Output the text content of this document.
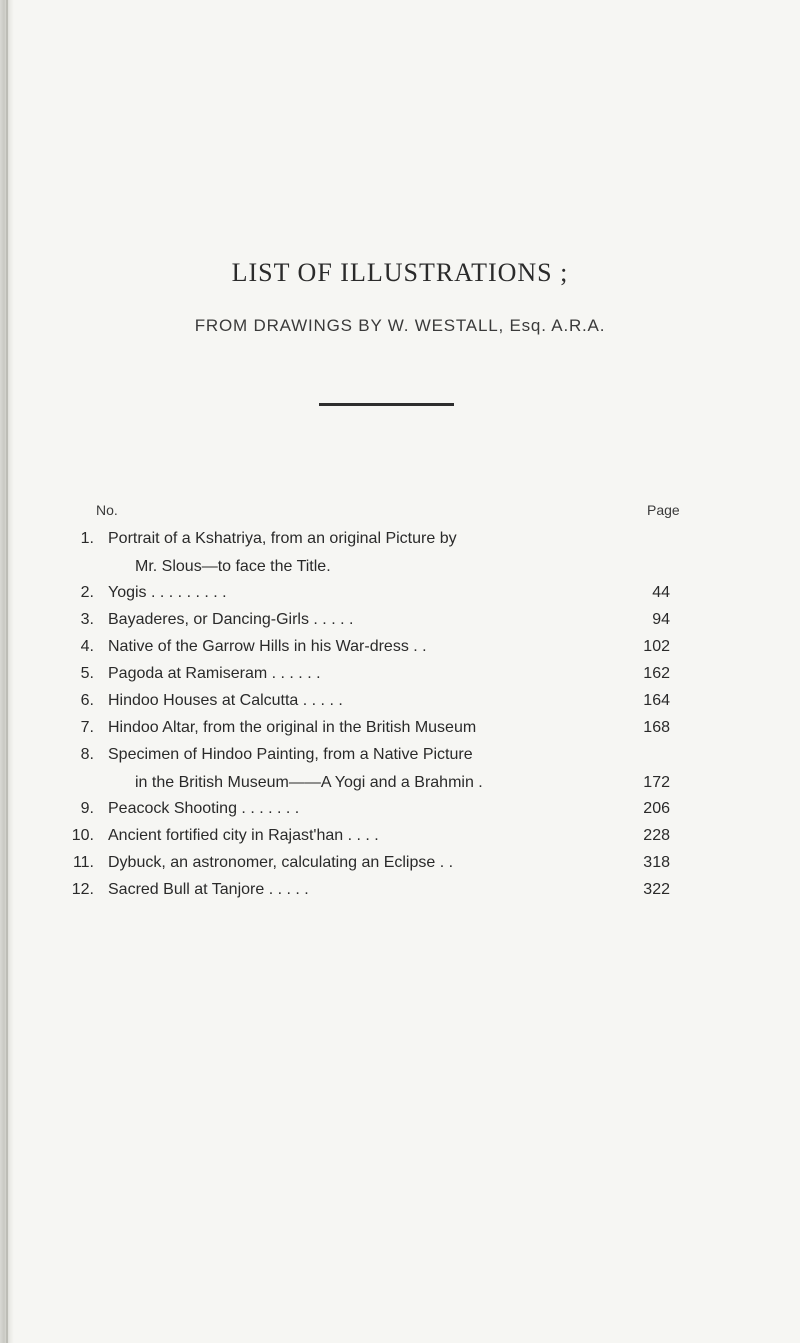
LIST OF ILLUSTRATIONS ;
FROM DRAWINGS BY W. WESTALL, Esq. A.R.A.
No.	Page
1. Portrait of a Kshatriya, from an original Picture by
Mr. Slous—to face the Title.
2. Yogis . . . . . . . . .	44
3. Bayaderes, or Dancing-Girls . . . . .	94
4. Native of the Garrow Hills in his War-dress . .	102
5. Pagoda at Ramiseram . . . . . .	162
6. Hindoo Houses at Calcutta . . . . .	164
7. Hindoo Altar, from the original in the British Museum	168
8. Specimen of Hindoo Painting, from a Native Picture
in the British Museum——A Yogi and a Brahmin .	172
9. Peacock Shooting . . . . . . .	206
10. Ancient fortified city in Rajast'han . . . .	228
11. Dybuck, an astronomer, calculating an Eclipse . .	318
12. Sacred Bull at Tanjore . . . . .	322
